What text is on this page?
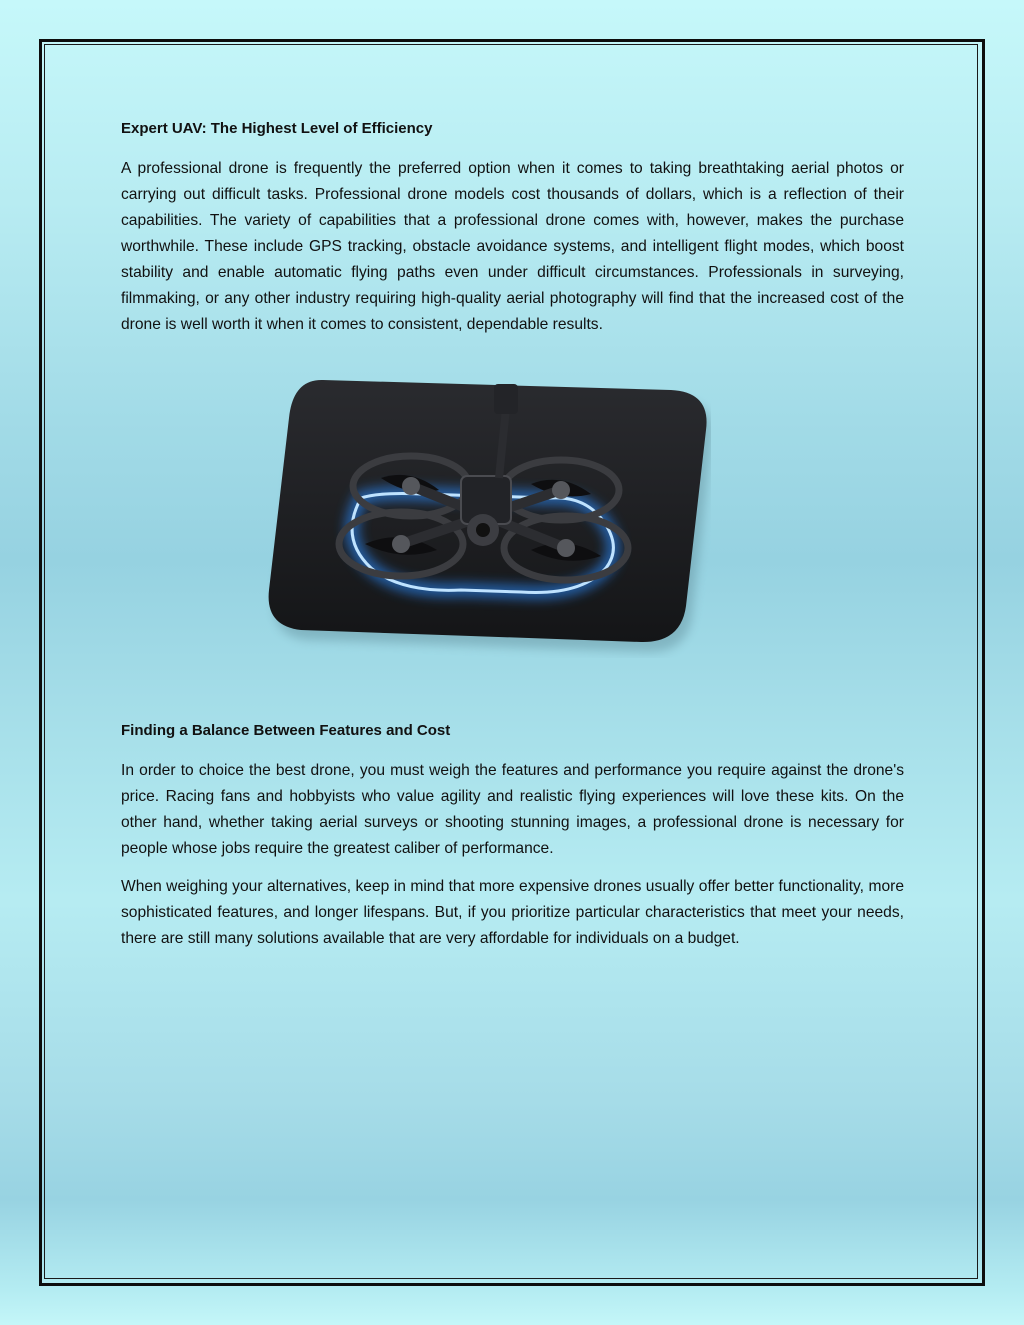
Expert UAV: The Highest Level of Efficiency

A professional drone is frequently the preferred option when it comes to taking breathtaking aerial photos or carrying out difficult tasks. Professional drone models cost thousands of dollars, which is a reflection of their capabilities. The variety of capabilities that a professional drone comes with, however, makes the purchase worthwhile. These include GPS tracking, obstacle avoidance systems, and intelligent flight modes, which boost stability and enable automatic flying paths even under difficult circumstances. Professionals in surveying, filmmaking, or any other industry requiring high-quality aerial photography will find that the increased cost of the drone is well worth it when it comes to consistent, dependable results.

Finding a Balance Between Features and Cost

In order to choice the best drone, you must weigh the features and performance you require against the drone's price. Racing fans and hobbyists who value agility and realistic flying experiences will love these kits. On the other hand, whether taking aerial surveys or shooting stunning images, a professional drone is necessary for people whose jobs require the greatest caliber of performance.

When weighing your alternatives, keep in mind that more expensive drones usually offer better functionality, more sophisticated features, and longer lifespans. But, if you prioritize particular characteristics that meet your needs, there are still many solutions available that are very affordable for individuals on a budget.
